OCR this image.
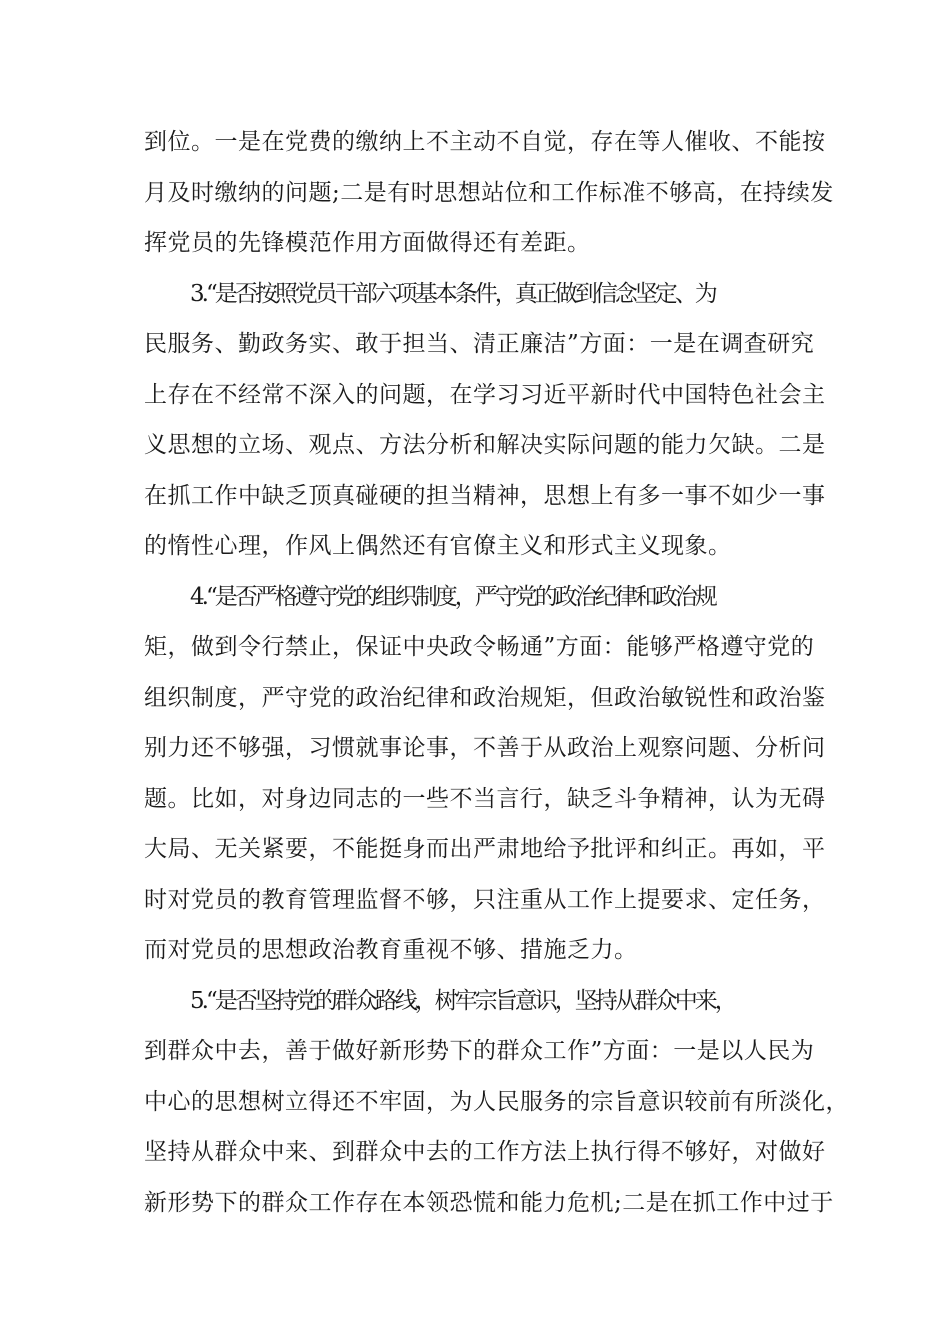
到位。一是在党费的缴纳上不主动不自觉，存在等人催收、不能按
月及时缴纳的问题;二是有时思想站位和工作标准不够高，在持续发
挥党员的先锋模范作用方面做得还有差距。
3.“是否按照党员干部六项基本条件，真正做到信念坚定、为
民服务、勤政务实、敢于担当、清正廉洁”方面：一是在调查研究
上存在不经常不深入的问题，在学习习近平新时代中国特色社会主
义思想的立场、观点、方法分析和解决实际问题的能力欠缺。二是
在抓工作中缺乏顶真碰硬的担当精神，思想上有多一事不如少一事
的惰性心理，作风上偶然还有官僚主义和形式主义现象。
4.“是否严格遵守党的组织制度，严守党的政治纪律和政治规
矩，做到令行禁止，保证中央政令畅通”方面：能够严格遵守党的
组织制度，严守党的政治纪律和政治规矩，但政治敏锐性和政治鉴
别力还不够强，习惯就事论事，不善于从政治上观察问题、分析问
题。比如，对身边同志的一些不当言行，缺乏斗争精神，认为无碍
大局、无关紧要，不能挺身而出严肃地给予批评和纠正。再如，平
时对党员的教育管理监督不够，只注重从工作上提要求、定任务，
而对党员的思想政治教育重视不够、措施乏力。
5.“是否坚持党的群众路线，树牢宗旨意识，坚持从群众中来，
到群众中去，善于做好新形势下的群众工作”方面：一是以人民为
中心的思想树立得还不牢固，为人民服务的宗旨意识较前有所淡化，
坚持从群众中来、到群众中去的工作方法上执行得不够好，对做好
新形势下的群众工作存在本领恐慌和能力危机;二是在抓工作中过于
